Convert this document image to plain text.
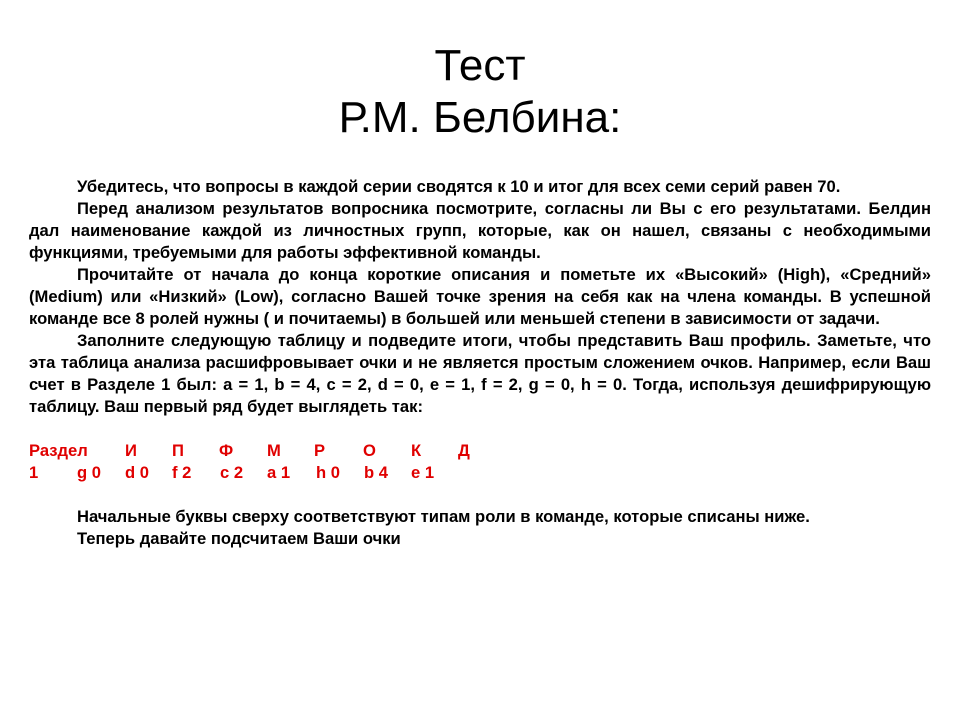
Тест
Р.М. Белбина:

Убедитесь, что вопросы в каждой серии сводятся к 10 и итог для всех семи серий равен 70.

Перед анализом результатов вопросника посмотрите, согласны ли Вы с его результатами. Белдин дал наименование каждой из личностных групп, которые, как он нашел, связаны с необходимыми функциями, требуемыми для работы эффективной команды.

Прочитайте от начала до конца короткие описания и пометьте их «Высокий» (High), «Средний» (Medium) или «Низкий» (Low), согласно Вашей точке зрения на себя как на члена команды. В успешной команде все 8 ролей нужны ( и почитаемы) в большей или меньшей степени в зависимости от задачи.

Заполните следующую таблицу и подведите итоги, чтобы представить Ваш профиль. Заметьте, что эта таблица анализа расшифровывает очки и не является простым сложением очков. Например, если Ваш счет в Разделе 1 был: a = 1, b = 4, c = 2, d = 0, e = 1, f = 2, g = 0, h = 0. Тогда, используя дешифрирующую таблицу. Ваш первый ряд будет выглядеть так:

Раздел И П Ф М Р О К Д
1 g 0 d 0 f 2 c 2 a 1 h 0 b 4 e 1

Начальные буквы сверху соответствуют типам роли в команде, которые списаны ниже.

Теперь давайте подсчитаем Ваши очки
